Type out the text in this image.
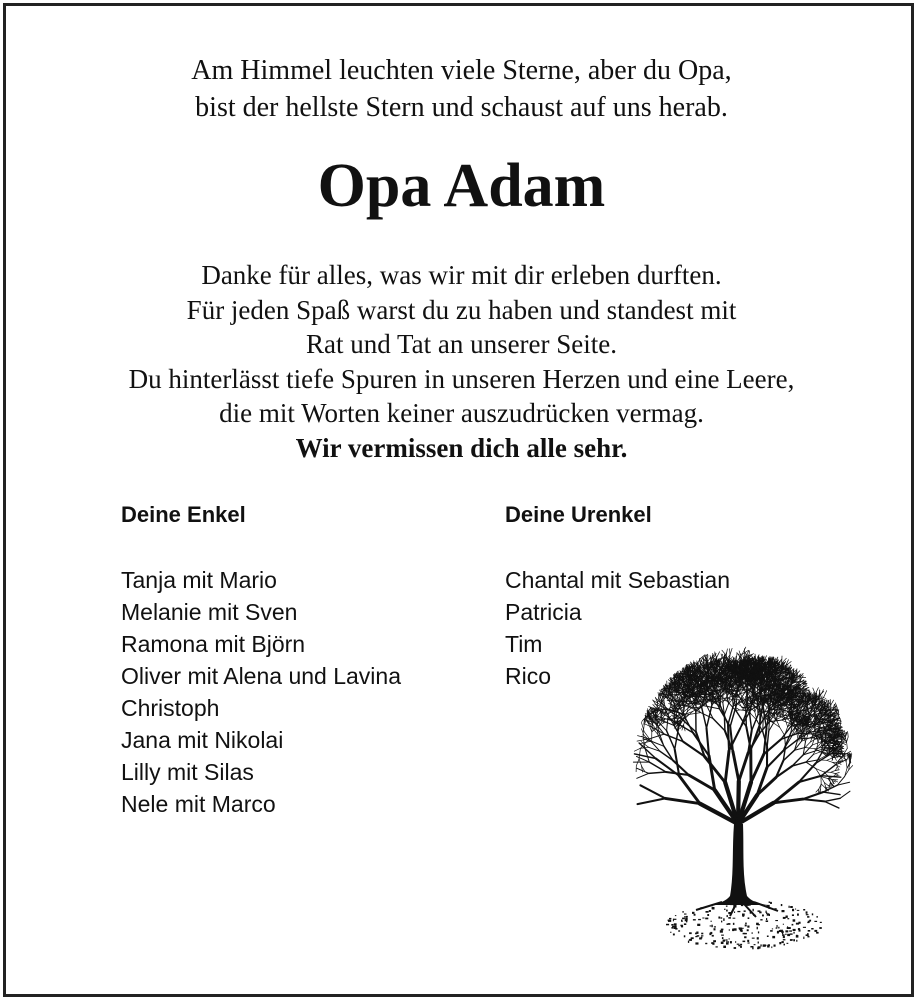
Am Himmel leuchten viele Sterne, aber du Opa,
bist der hellste Stern und schaust auf uns herab.
Opa Adam
Danke für alles, was wir mit dir erleben durften.
Für jeden Spaß warst du zu haben und standest mit
Rat und Tat an unserer Seite.
Du hinterlässt tiefe Spuren in unseren Herzen und eine Leere,
die mit Worten keiner auszudrücken vermag.
Wir vermissen dich alle sehr.
Deine Enkel
Tanja mit Mario
Melanie mit Sven
Ramona mit Björn
Oliver mit Alena und Lavina
Christoph
Jana mit Nikolai
Lilly mit Silas
Nele mit Marco
Deine Urenkel
Chantal mit Sebastian
Patricia
Tim
Rico
